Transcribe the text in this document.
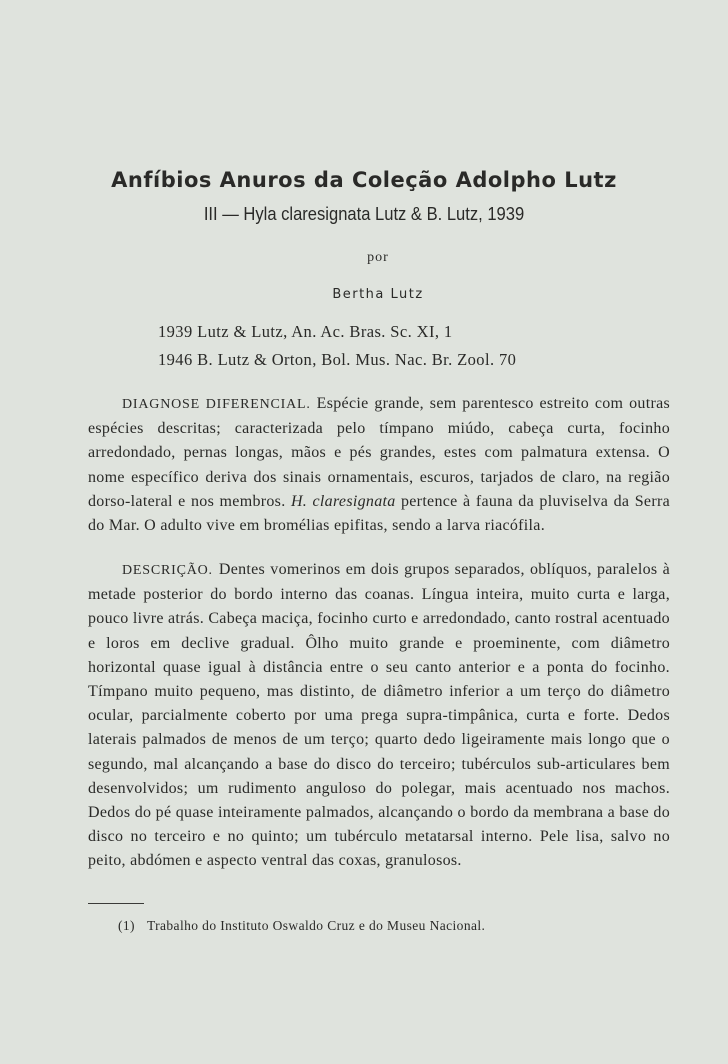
Anfíbios Anuros da Coleção Adolpho Lutz
III — Hyla claresignata Lutz & B. Lutz, 1939
por
Bertha Lutz
1939 Lutz & Lutz, An. Ac. Bras. Sc. XI, 1
1946 B. Lutz & Orton, Bol. Mus. Nac. Br. Zool. 70

DIAGNOSE DIFERENCIAL. Espécie grande, sem parentesco estreito com outras espécies descritas; caracterizada pelo tímpano miúdo, cabeça curta, focinho arredondado, pernas longas, mãos e pés grandes, estes com palmatura extensa. O nome específico deriva dos sinais ornamentais, escuros, tarjados de claro, na região dorso-lateral e nos membros. H. claresignata pertence à fauna da pluviselva da Serra do Mar. O adulto vive em bromélias epifitas, sendo a larva riacófila.

DESCRIÇÃO. Dentes vomerinos em dois grupos separados, oblíquos, paralelos à metade posterior do bordo interno das coanas. Língua inteira, muito curta e larga, pouco livre atrás. Cabeça maciça, focinho curto e arredondado, canto rostral acentuado e loros em declive gradual. Ôlho muito grande e proeminente, com diâmetro horizontal quase igual à distância entre o seu canto anterior e a ponta do focinho. Tímpano muito pequeno, mas distinto, de diâmetro inferior a um terço do diâmetro ocular, parcialmente coberto por uma prega supra-timpânica, curta e forte. Dedos laterais palmados de menos de um terço; quarto dedo ligeiramente mais longo que o segundo, mal alcançando a base do disco do terceiro; tubérculos sub-articulares bem desenvolvidos; um rudimento anguloso do polegar, mais acentuado nos machos. Dedos do pé quase inteiramente palmados, alcançando o bordo da membrana a base do disco no terceiro e no quinto; um tubérculo metatarsal interno. Pele lisa, salvo no peito, abdómen e aspecto ventral das coxas, granulosos.

(1) Trabalho do Instituto Oswaldo Cruz e do Museu Nacional.
